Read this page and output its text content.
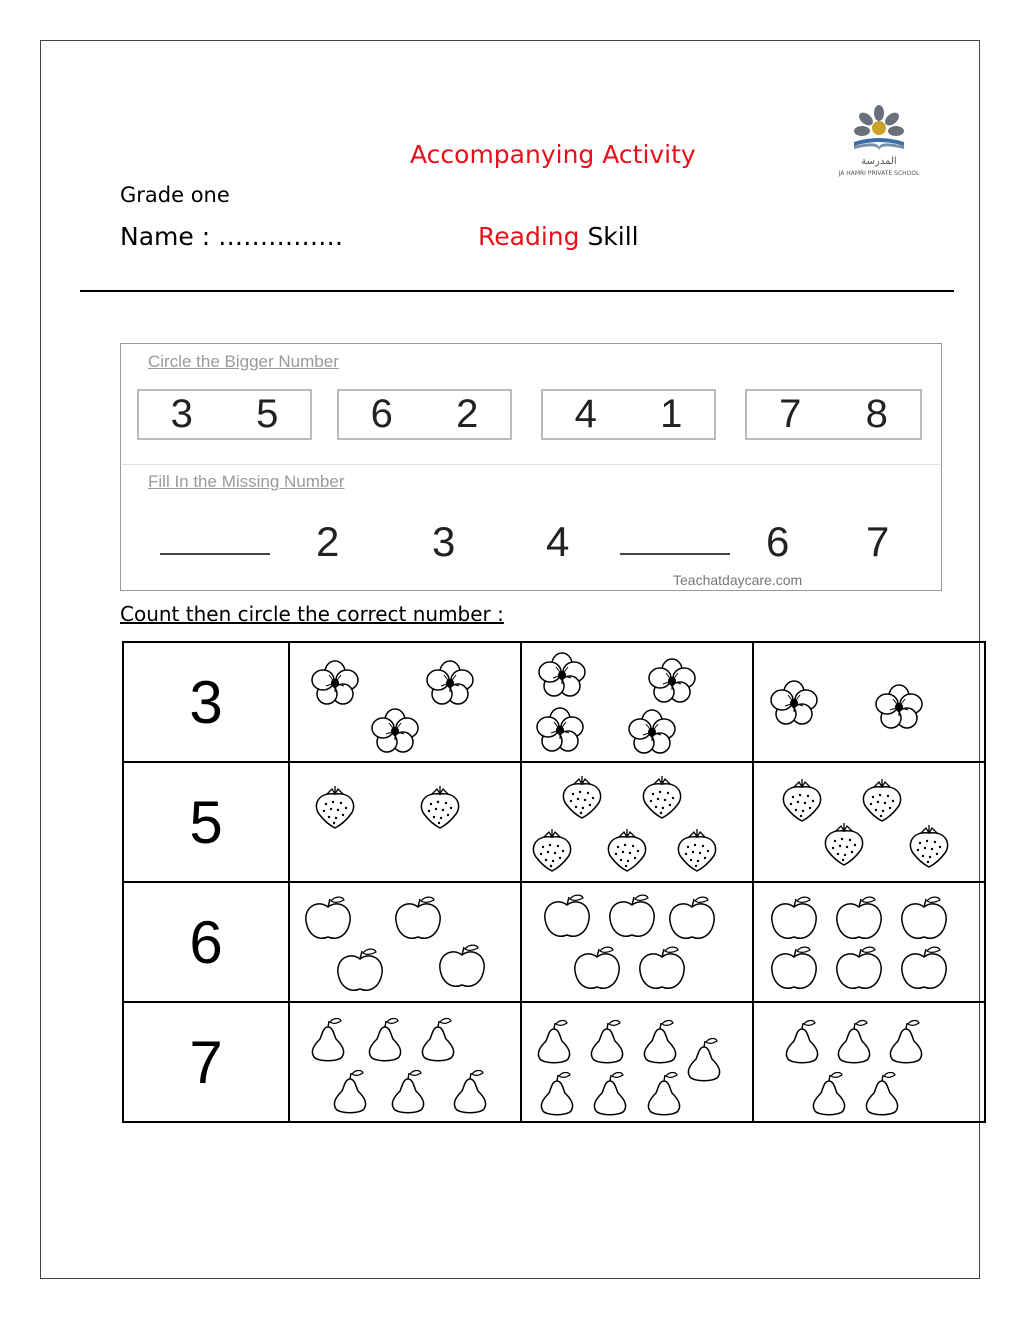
Accompanying Activity
Grade one
Name : ……………	Reading Skill
المدرسة
JA HAMRI PRIVATE SCHOOL
Circle the Bigger Number
3 5 6 2 4 1 7 8
Fill In the Missing Number
2 3 4	6 7
Teachatdaycare.com
Count then circle the correct number :
3	

5	

6	

7	
